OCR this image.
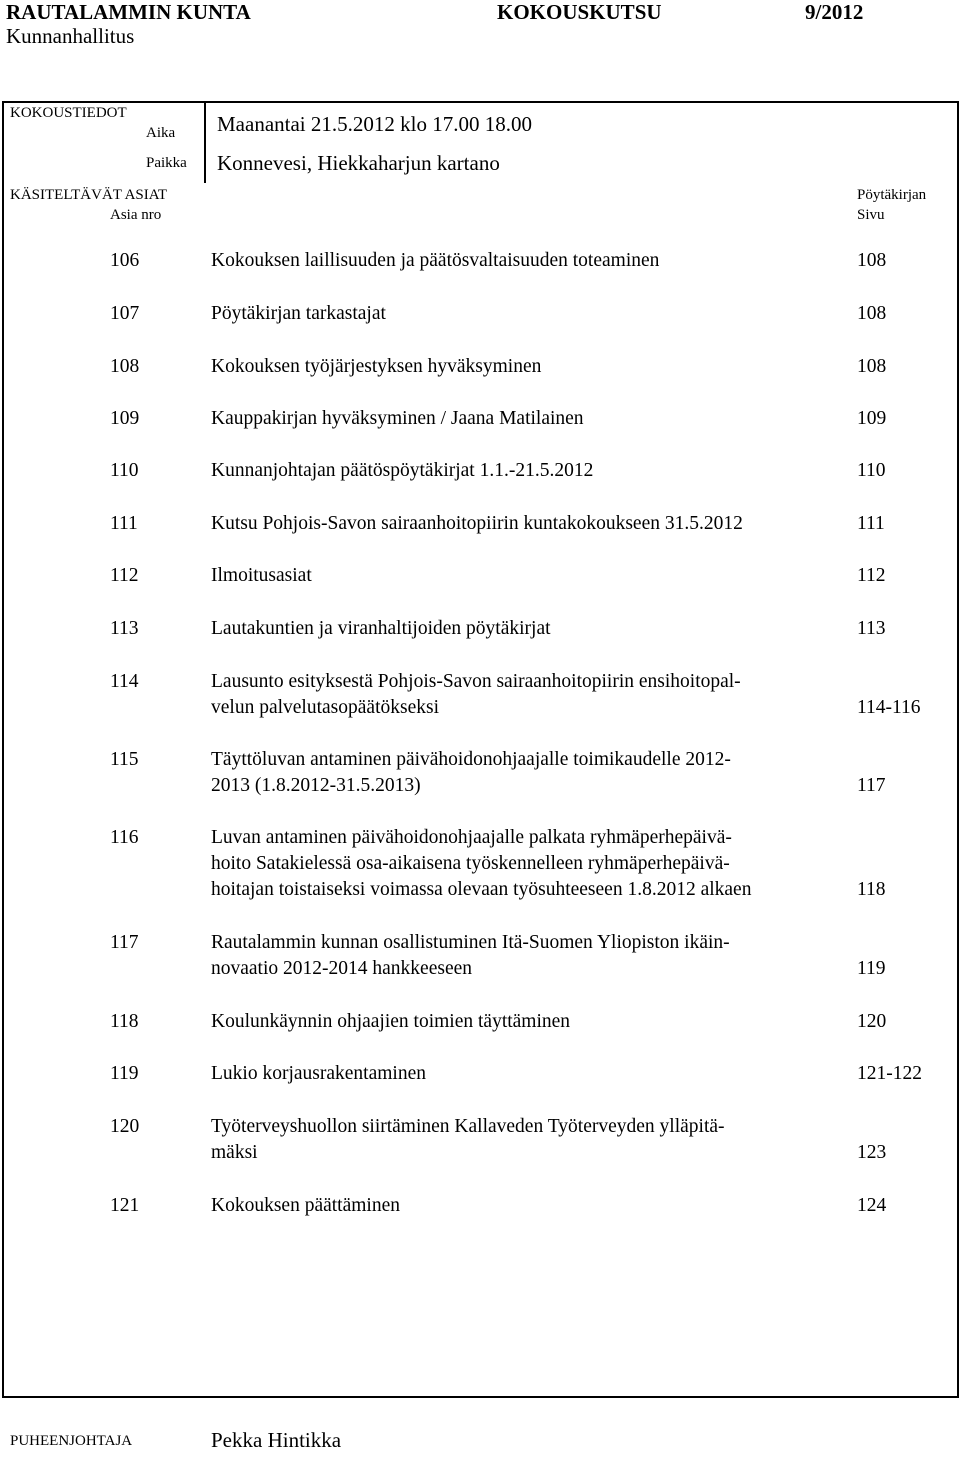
RAUTALAMMIN KUNTA	KOKOUSKUTSU	9/2012
Kunnanhallitus
KOKOUSTIEDOT
Aika Maanantai 21.5.2012 klo 17.00 18.00
Paikka Konnevesi, Hiekkaharjun kartano
KÄSITELTÄVÄT ASIAT
Asia nro
Pöytäkirjan
Sivu
106	Kokouksen laillisuuden ja päätösvaltaisuuden toteaminen	108
107	Pöytäkirjan tarkastajat	108
108	Kokouksen työjärjestyksen hyväksyminen	108
109	Kauppakirjan hyväksyminen / Jaana Matilainen	109
110	Kunnanjohtajan päätöspöytäkirjat 1.1.-21.5.2012	110
111	Kutsu Pohjois-Savon sairaanhoitopiirin kuntakokoukseen 31.5.2012	111
112	Ilmoitusasiat	112
113	Lautakuntien ja viranhaltijoiden pöytäkirjat	113
114	Lausunto esityksestä Pohjois-Savon sairaanhoitopiirin ensihoitopal-
velun palvelutasopäätökseksi	114-116
115	Täyttöluvan antaminen päivähoidonohjaajalle toimikaudelle 2012-
2013 (1.8.2012-31.5.2013)	117
116	Luvan antaminen päivähoidonohjaajalle palkata ryhmäperhepäivä-
hoito Satakielessä osa-aikaisena työskennelleen ryhmäperhepäivä-
hoitajan toistaiseksi voimassa olevaan työsuhteeseen 1.8.2012 alkaen	118
117	Rautalammin kunnan osallistuminen Itä-Suomen Yliopiston ikäin-
novaatio 2012-2014 hankkeeseen	119
118	Koulunkäynnin ohjaajien toimien täyttäminen	120
119	Lukio korjausrakentaminen	121-122
120	Työterveyshuollon siirtäminen Kallaveden Työterveyden ylläpitä-
mäksi	123
121	Kokouksen päättäminen	124
PUHEENJOHTAJA	Pekka Hintikka
